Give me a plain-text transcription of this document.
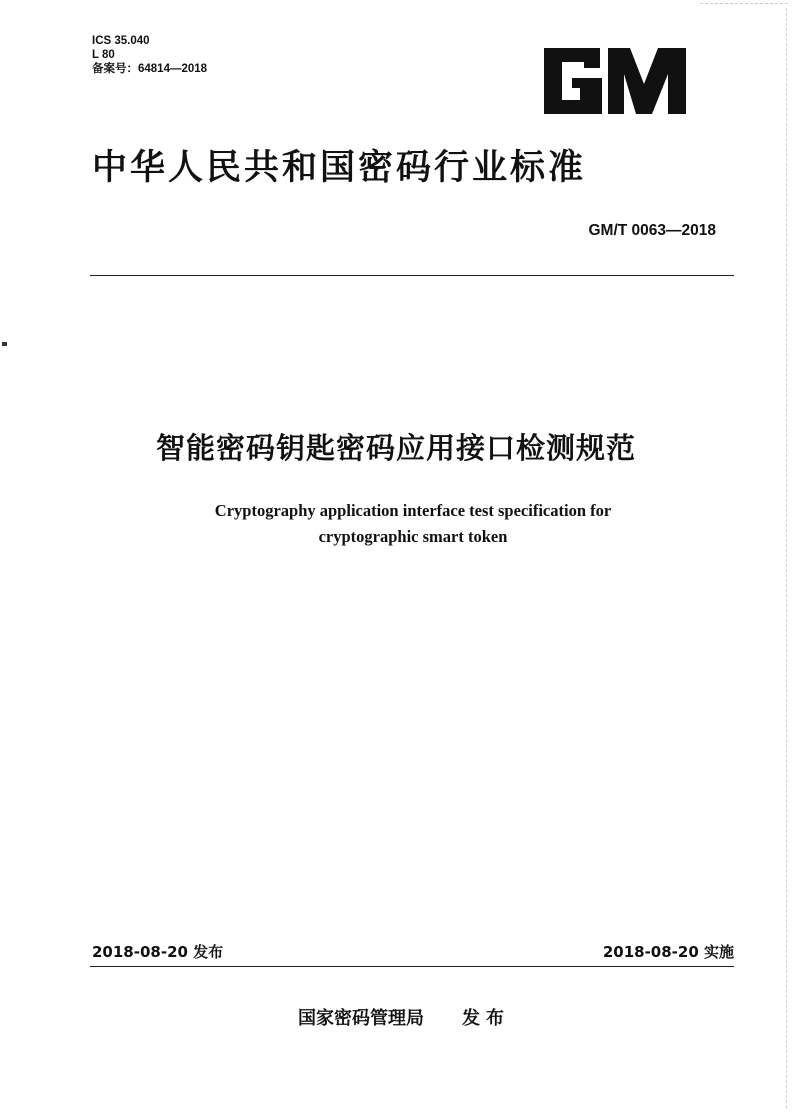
ICS 35.040
L 80
备案号：64814—2018
中华人民共和国密码行业标准
GM/T 0063—2018
智能密码钥匙密码应用接口检测规范
Cryptography application interface test specification for
cryptographic smart token
2018-08-20 发布	2018-08-20 实施
国家密码管理局 发布
